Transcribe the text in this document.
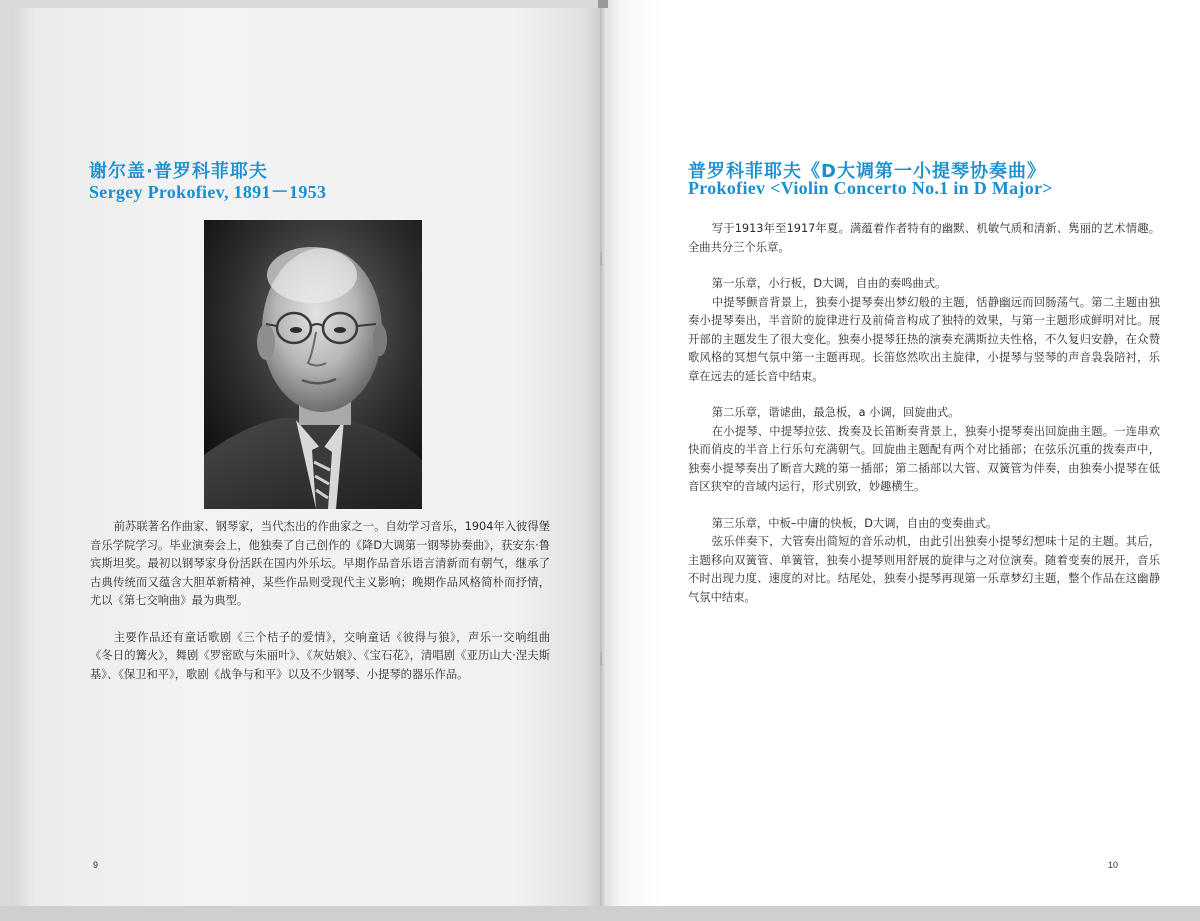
谢尔盖·普罗科菲耶夫
Sergey Prokofiev, 1891－1953

前苏联著名作曲家、钢琴家，当代杰出的作曲家之一。自幼学习音乐，1904年入彼得堡音乐学院学习。毕业演奏会上，他独奏了自己创作的《降D大调第一钢琴协奏曲》，获安东·鲁宾斯坦奖。最初以钢琴家身份活跃在国内外乐坛。早期作品音乐语言清新而有朝气，继承了古典传统而又蕴含大胆革新精神，某些作品则受现代主义影响；晚期作品风格简朴而抒情，尤以《第七交响曲》最为典型。

主要作品还有童话歌剧《三个桔子的爱情》，交响童话《彼得与狼》，声乐一交响组曲《冬日的篝火》，舞剧《罗密欧与朱丽叶》、《灰姑娘》、《宝石花》，清唱剧《亚历山大·涅夫斯基》、《保卫和平》，歌剧《战争与和平》以及不少钢琴、小提琴的器乐作品。

9

普罗科菲耶夫《D大调第一小提琴协奏曲》
Prokofiev <Violin Concerto No.1 in D Major>

写于1913年至1917年夏。满蕴着作者特有的幽默、机敏气质和清新、隽丽的艺术情趣。全曲共分三个乐章。

第一乐章，小行板，D大调，自由的奏鸣曲式。

中提琴颤音背景上，独奏小提琴奏出梦幻般的主题，恬静幽远而回肠荡气。第二主题由独奏小提琴奏出，半音阶的旋律进行及前倚音构成了独特的效果，与第一主题形成鲜明对比。展开部的主题发生了很大变化。独奏小提琴狂热的演奏充满斯拉夫性格，不久复归安静，在众赞歌风格的冥想气氛中第一主题再现。长笛悠然吹出主旋律，小提琴与竖琴的声音袅袅陪衬，乐章在远去的延长音中结束。

第二乐章，谐谑曲，最急板，a 小调，回旋曲式。

在小提琴、中提琴拉弦、拨奏及长笛断奏背景上，独奏小提琴奏出回旋曲主题。一连串欢快而俏皮的半音上行乐句充满朝气。回旋曲主题配有两个对比插部；在弦乐沉重的拨奏声中，独奏小提琴奏出了断音大跳的第一插部；第二插部以大管、双簧管为伴奏，由独奏小提琴在低音区狭窄的音域内运行，形式别致，妙趣横生。

第三乐章，中板–中庸的快板，D大调，自由的变奏曲式。

弦乐伴奏下，大管奏出简短的音乐动机，由此引出独奏小提琴幻想味十足的主题。其后，主题移向双簧管、单簧管，独奏小提琴则用舒展的旋律与之对位演奏。随着变奏的展开，音乐不时出现力度、速度的对比。结尾处，独奏小提琴再现第一乐章梦幻主题，整个作品在这幽静气氛中结束。

10
